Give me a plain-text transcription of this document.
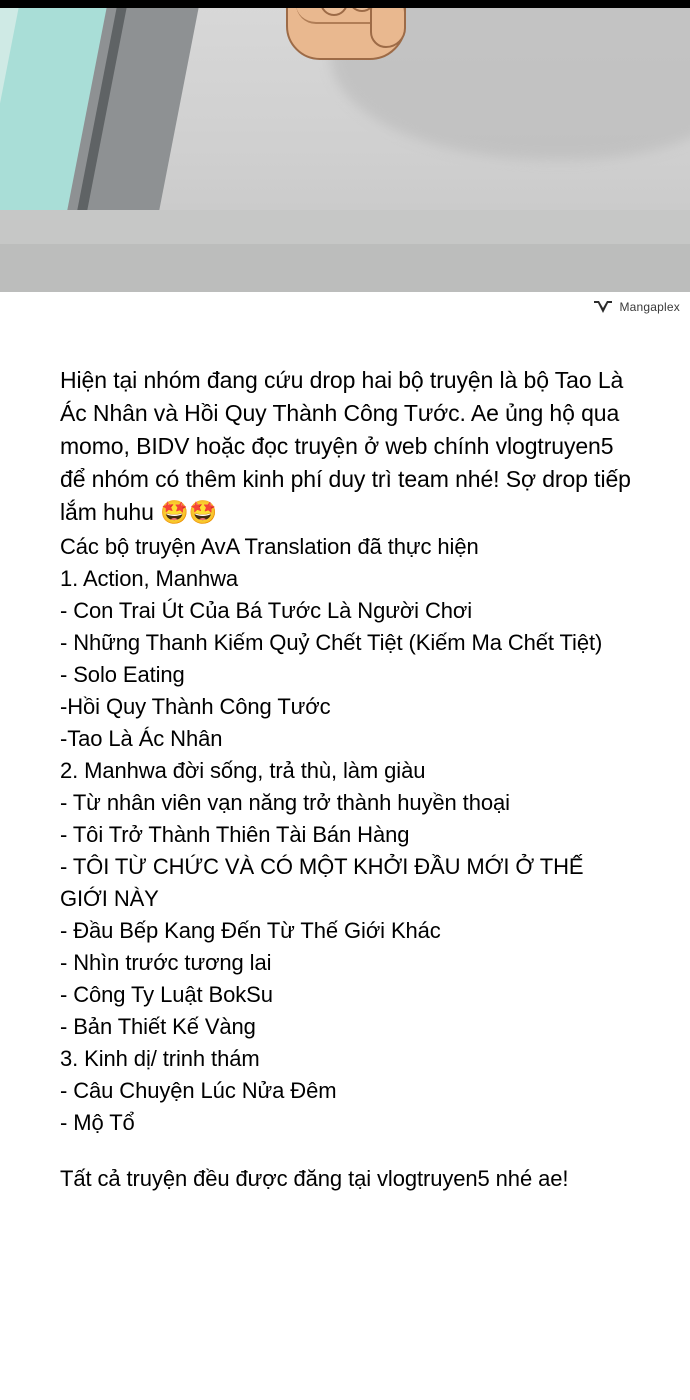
Mangaplex

Hiện tại nhóm đang cứu drop hai bộ truyện là bộ Tao Là Ác Nhân và Hồi Quy Thành Công Tước. Ae ủng hộ qua momo, BIDV hoặc đọc truyện ở web chính vlogtruyen5 để nhóm có thêm kinh phí duy trì team nhé! Sợ drop tiếp lắm huhu 🤩🤩

Các bộ truyện AvA Translation đã thực hiện

1. Action, Manhwa

- Con Trai Út Của Bá Tước Là Người Chơi

- Những Thanh Kiếm Quỷ Chết Tiệt (Kiếm Ma Chết Tiệt)

- Solo Eating

-Hồi Quy Thành Công Tước

-Tao Là Ác Nhân

2. Manhwa đời sống, trả thù, làm giàu

- Từ nhân viên vạn năng trở thành huyền thoại

- Tôi Trở Thành Thiên Tài Bán Hàng

- TÔI TỪ CHỨC VÀ CÓ MỘT KHỞI ĐẦU MỚI Ở THẾ GIỚI NÀY

- Đầu Bếp Kang Đến Từ Thế Giới Khác

- Nhìn trước tương lai

- Công Ty Luật BokSu

- Bản Thiết Kế Vàng

3. Kinh dị/ trinh thám

- Câu Chuyện Lúc Nửa Đêm

- Mộ Tổ

Tất cả truyện đều được đăng tại vlogtruyen5 nhé ae!
